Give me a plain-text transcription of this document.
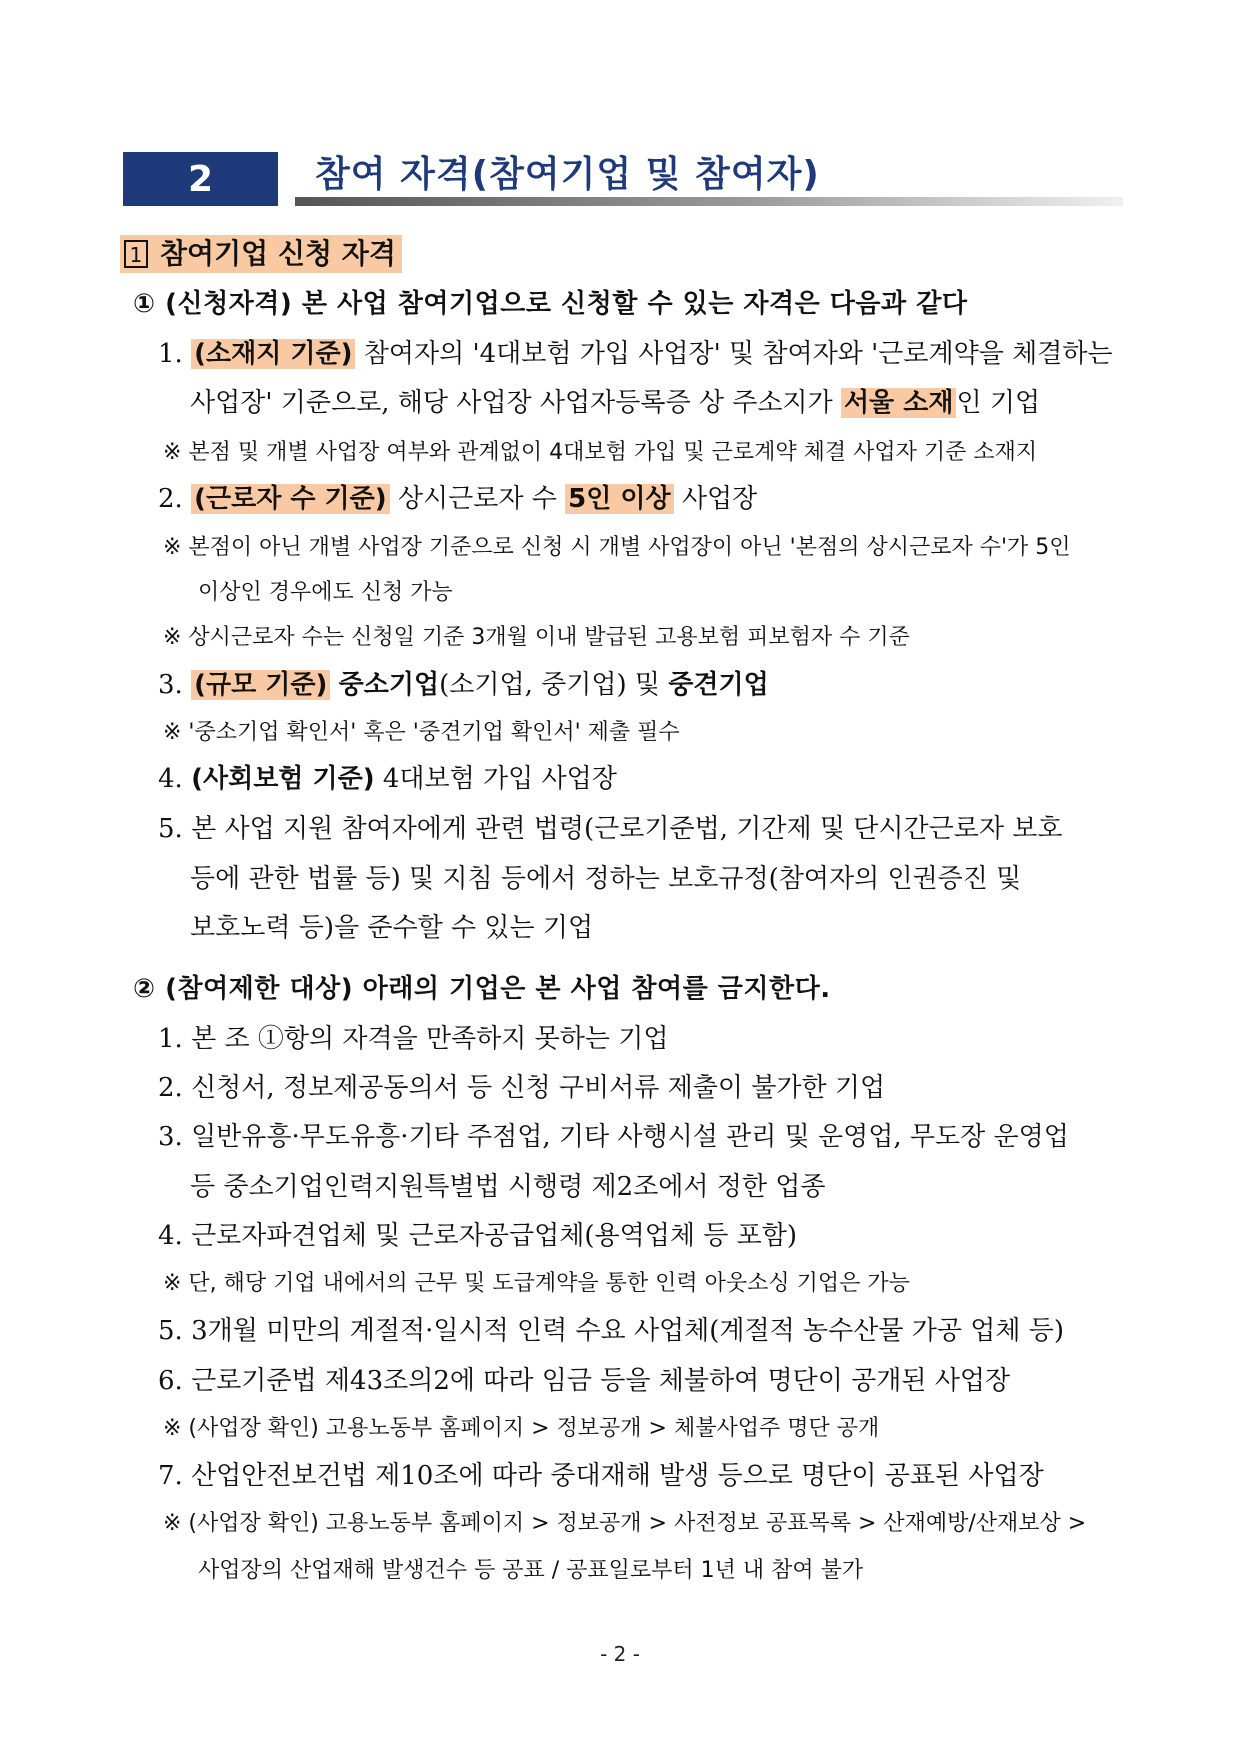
2	참여 자격(참여기업 및 참여자)
1 참여기업 신청 자격
① (신청자격) 본 사업 참여기업으로 신청할 수 있는 자격은 다음과 같다
1. (소재지 기준) 참여자의 '4대보험 가입 사업장' 및 참여자와 '근로계약을 체결하는
사업장' 기준으로, 해당 사업장 사업자등록증 상 주소지가 서울 소재 인 기업
※ 본점 및 개별 사업장 여부와 관계없이 4대보험 가입 및 근로계약 체결 사업자 기준 소재지
2. (근로자 수 기준) 상시근로자 수 5인 이상 사업장
※ 본점이 아닌 개별 사업장 기준으로 신청 시 개별 사업장이 아닌 '본점의 상시근로자 수'가 5인
이상인 경우에도 신청 가능
※ 상시근로자 수는 신청일 기준 3개월 이내 발급된 고용보험 피보험자 수 기준
3. (규모 기준) 중소기업(소기업, 중기업) 및 중견기업
※ '중소기업 확인서' 혹은 '중견기업 확인서' 제출 필수
4. (사회보험 기준) 4대보험 가입 사업장
5. 본 사업 지원 참여자에게 관련 법령(근로기준법, 기간제 및 단시간근로자 보호
등에 관한 법률 등) 및 지침 등에서 정하는 보호규정(참여자의 인권증진 및
보호노력 등)을 준수할 수 있는 기업
② (참여제한 대상) 아래의 기업은 본 사업 참여를 금지한다.
1. 본 조 ①항의 자격을 만족하지 못하는 기업
2. 신청서, 정보제공동의서 등 신청 구비서류 제출이 불가한 기업
3. 일반유흥·무도유흥·기타 주점업, 기타 사행시설 관리 및 운영업, 무도장 운영업
등 중소기업인력지원특별법 시행령 제2조에서 정한 업종
4. 근로자파견업체 및 근로자공급업체(용역업체 등 포함)
※ 단, 해당 기업 내에서의 근무 및 도급계약을 통한 인력 아웃소싱 기업은 가능
5. 3개월 미만의 계절적·일시적 인력 수요 사업체(계절적 농수산물 가공 업체 등)
6. 근로기준법 제43조의2에 따라 임금 등을 체불하여 명단이 공개된 사업장
※ (사업장 확인) 고용노동부 홈페이지 > 정보공개 > 체불사업주 명단 공개
7. 산업안전보건법 제10조에 따라 중대재해 발생 등으로 명단이 공표된 사업장
※ (사업장 확인) 고용노동부 홈페이지 > 정보공개 > 사전정보 공표목록 > 산재예방/산재보상 >
사업장의 산업재해 발생건수 등 공표 / 공표일로부터 1년 내 참여 불가
- 2 -
